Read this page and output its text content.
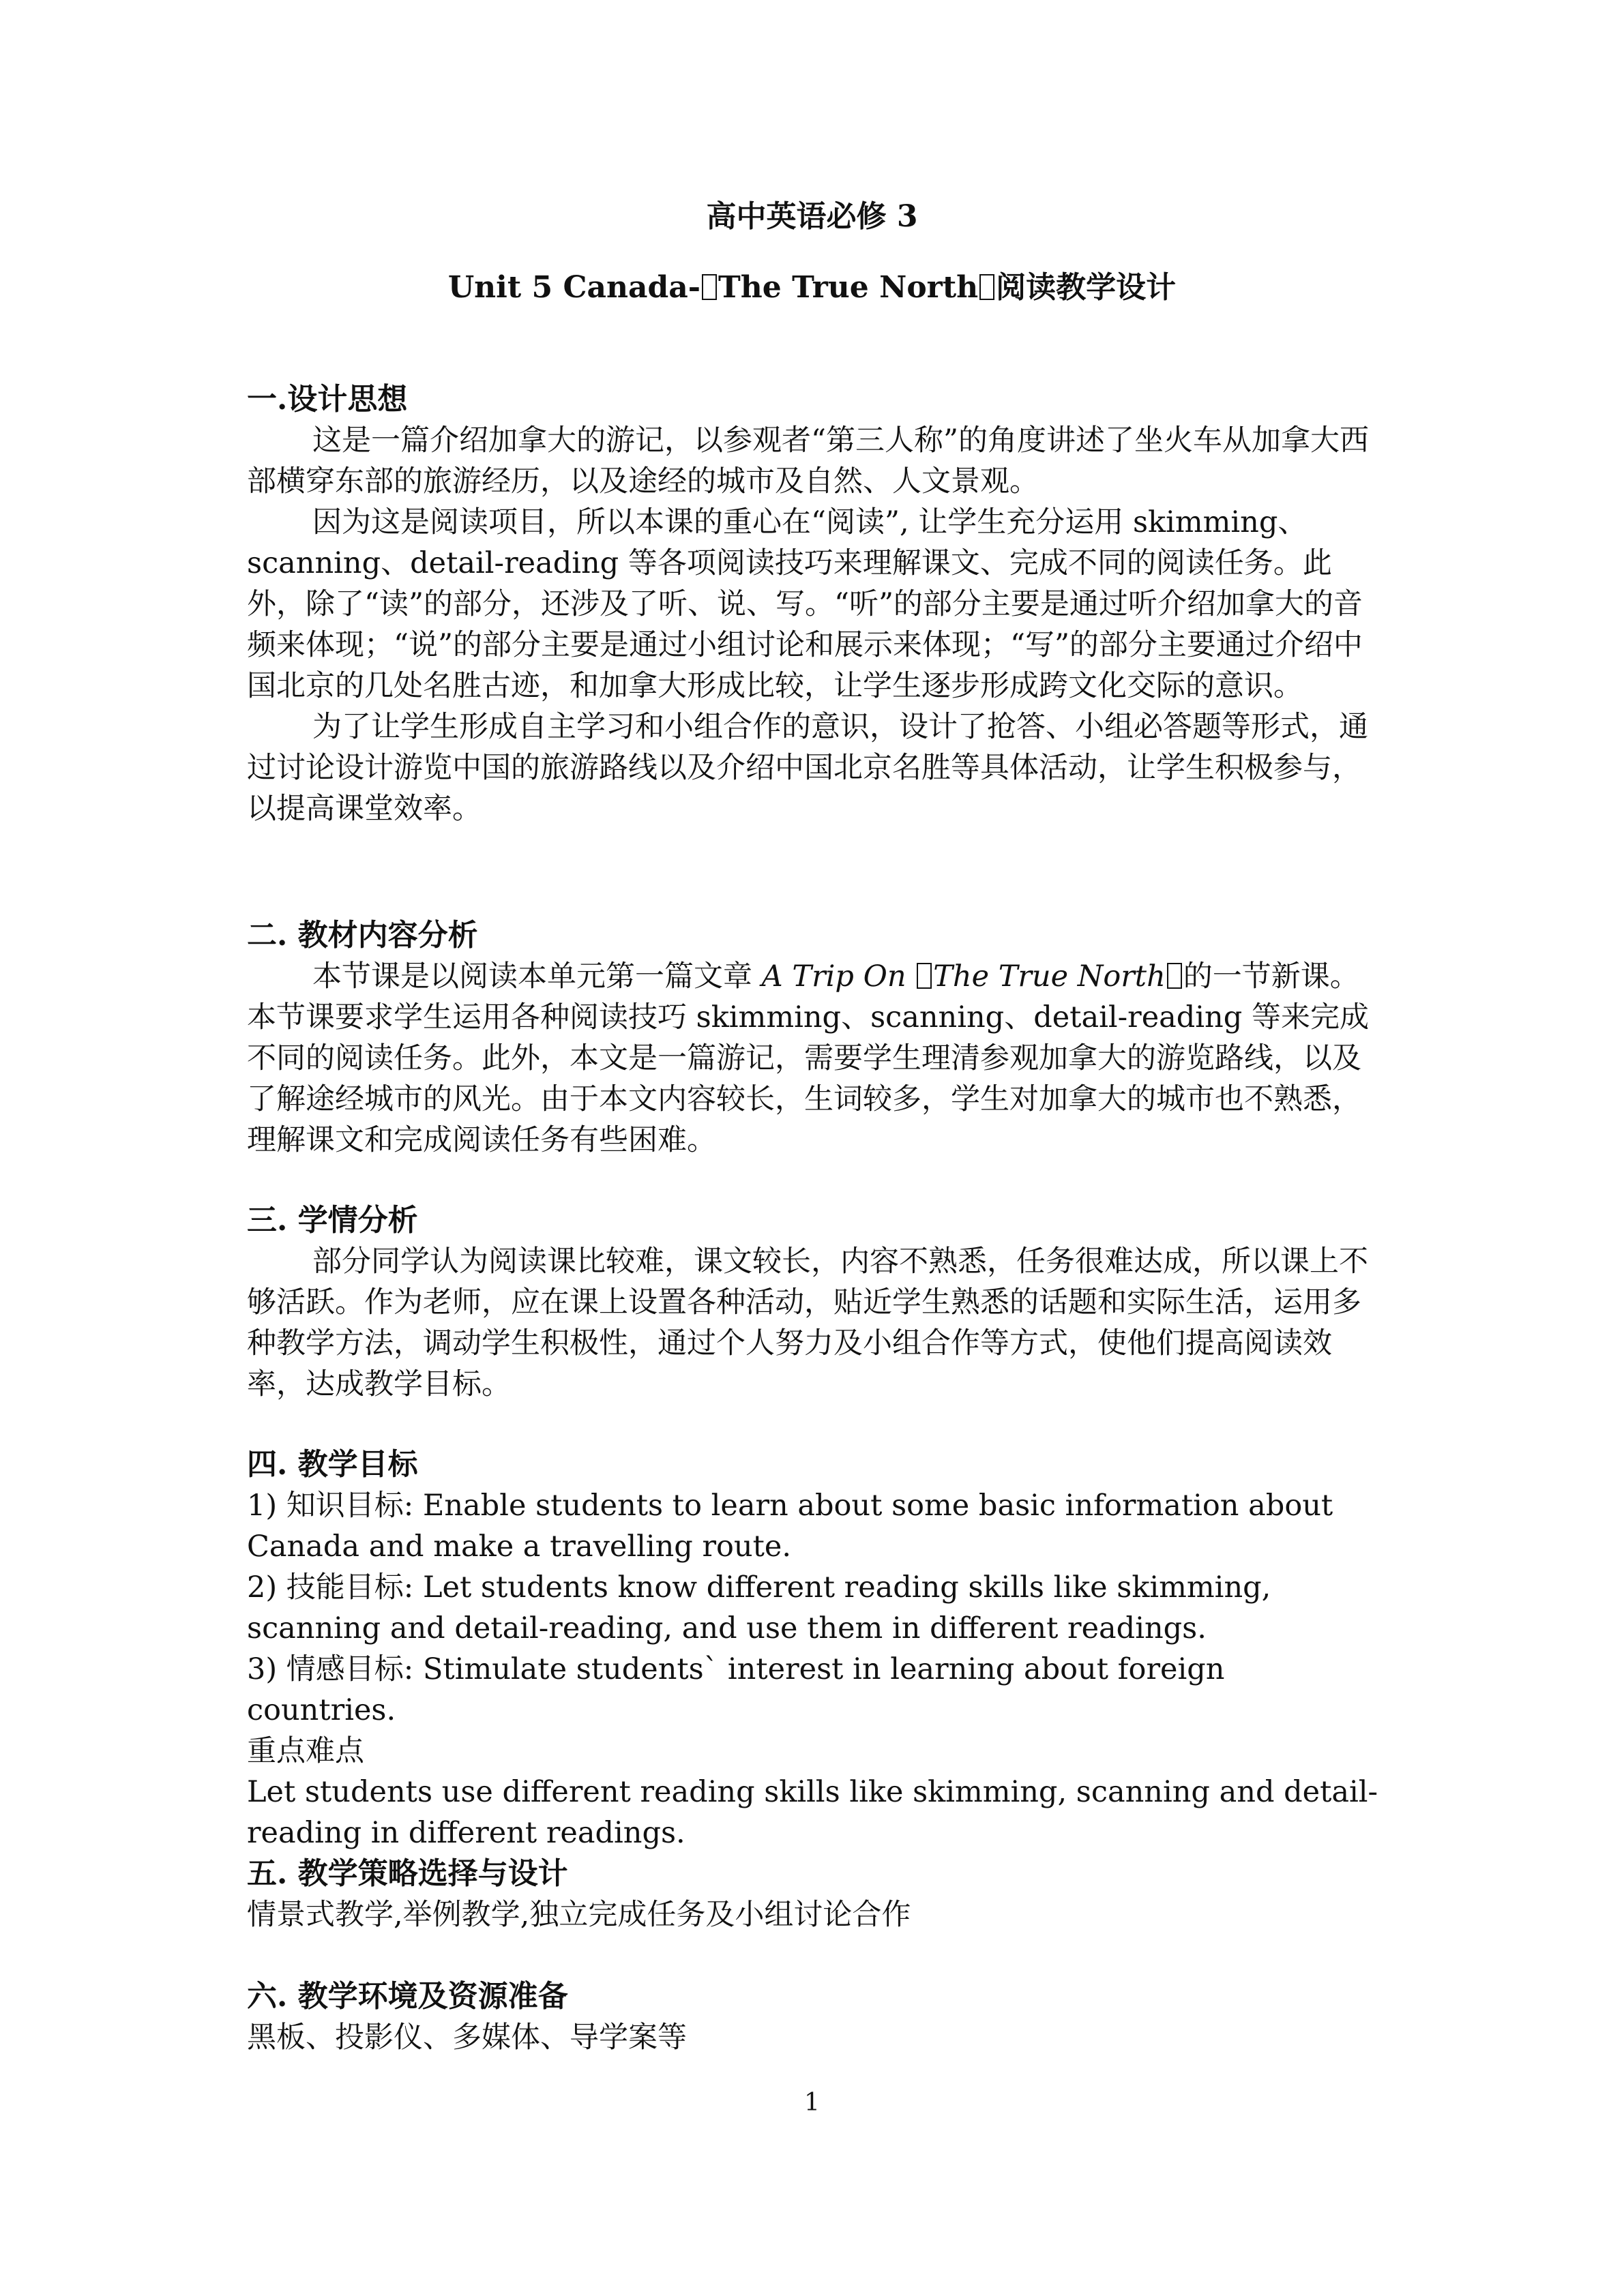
高中英语必修 3
Unit 5 Canada- The True North 阅读教学设计
一.设计思想

这是一篇介绍加拿大的游记，以参观者“第三人称”的角度讲述了坐火车从加拿大西部横穿东部的旅游经历，以及途经的城市及自然、人文景观。

因为这是阅读项目，所以本课的重心在“阅读”, 让学生充分运用 skimming、scanning、detail-reading 等各项阅读技巧来理解课文、完成不同的阅读任务。此外，除了“读”的部分，还涉及了听、说、写。“听”的部分主要是通过听介绍加拿大的音频来体现；“说”的部分主要是通过小组讨论和展示来体现；“写”的部分主要通过介绍中国北京的几处名胜古迹，和加拿大形成比较，让学生逐步形成跨文化交际的意识。

为了让学生形成自主学习和小组合作的意识，设计了抢答、小组必答题等形式，通过讨论设计游览中国的旅游路线以及介绍中国北京名胜等具体活动，让学生积极参与，以提高课堂效率。

二. 教材内容分析

本节课是以阅读本单元第一篇文章 A Trip On The True North 的一节新课。本节课要求学生运用各种阅读技巧 skimming、scanning、detail-reading 等来完成不同的阅读任务。此外，本文是一篇游记，需要学生理清参观加拿大的游览路线，以及了解途经城市的风光。由于本文内容较长，生词较多，学生对加拿大的城市也不熟悉，理解课文和完成阅读任务有些困难。

三. 学情分析

部分同学认为阅读课比较难，课文较长，内容不熟悉，任务很难达成，所以课上不够活跃。作为老师，应在课上设置各种活动，贴近学生熟悉的话题和实际生活，运用多种教学方法，调动学生积极性，通过个人努力及小组合作等方式，使他们提高阅读效率，达成教学目标。

四. 教学目标

1) 知识目标: Enable students to learn about some basic information about Canada and make a travelling route.

2) 技能目标: Let students know different reading skills like skimming, scanning and detail-reading, and use them in different readings.

3) 情感目标: Stimulate students` interest in learning about foreign countries.

重点难点

Let students use different reading skills like skimming, scanning and detail-reading in different readings.

五. 教学策略选择与设计
情景式教学,举例教学,独立完成任务及小组讨论合作
六. 教学环境及资源准备
黑板、投影仪、多媒体、导学案等
1
